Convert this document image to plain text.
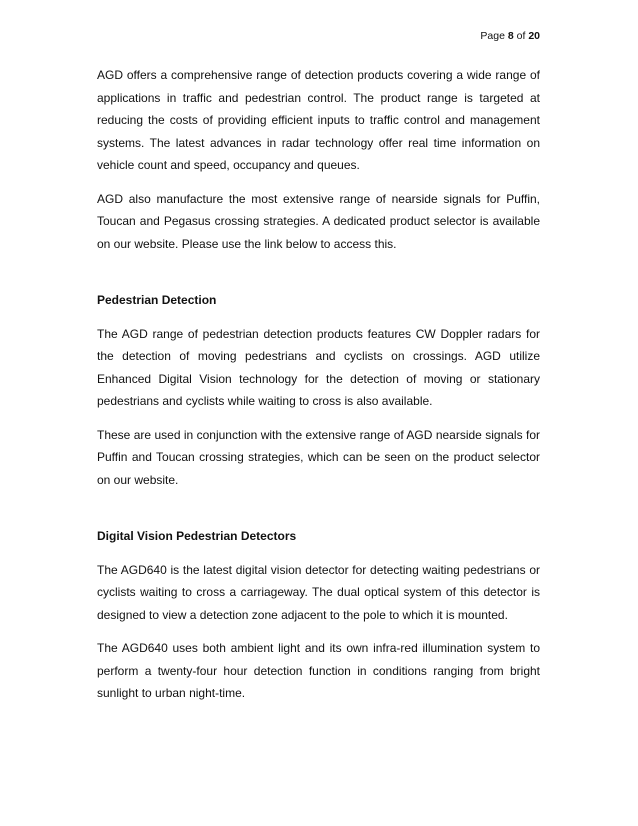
Page 8 of 20

AGD offers a comprehensive range of detection products covering a wide range of applications in traffic and pedestrian control. The product range is targeted at reducing the costs of providing efficient inputs to traffic control and management systems. The latest advances in radar technology offer real time information on vehicle count and speed, occupancy and queues.

AGD also manufacture the most extensive range of nearside signals for Puffin, Toucan and Pegasus crossing strategies. A dedicated product selector is available on our website. Please use the link below to access this.

Pedestrian Detection

The AGD range of pedestrian detection products features CW Doppler radars for the detection of moving pedestrians and cyclists on crossings. AGD utilize Enhanced Digital Vision technology for the detection of moving or stationary pedestrians and cyclists while waiting to cross is also available.

These are used in conjunction with the extensive range of AGD nearside signals for Puffin and Toucan crossing strategies, which can be seen on the product selector on our website.

Digital Vision Pedestrian Detectors

The AGD640 is the latest digital vision detector for detecting waiting pedestrians or cyclists waiting to cross a carriageway. The dual optical system of this detector is designed to view a detection zone adjacent to the pole to which it is mounted.

The AGD640 uses both ambient light and its own infra-red illumination system to perform a twenty-four hour detection function in conditions ranging from bright sunlight to urban night-time.
